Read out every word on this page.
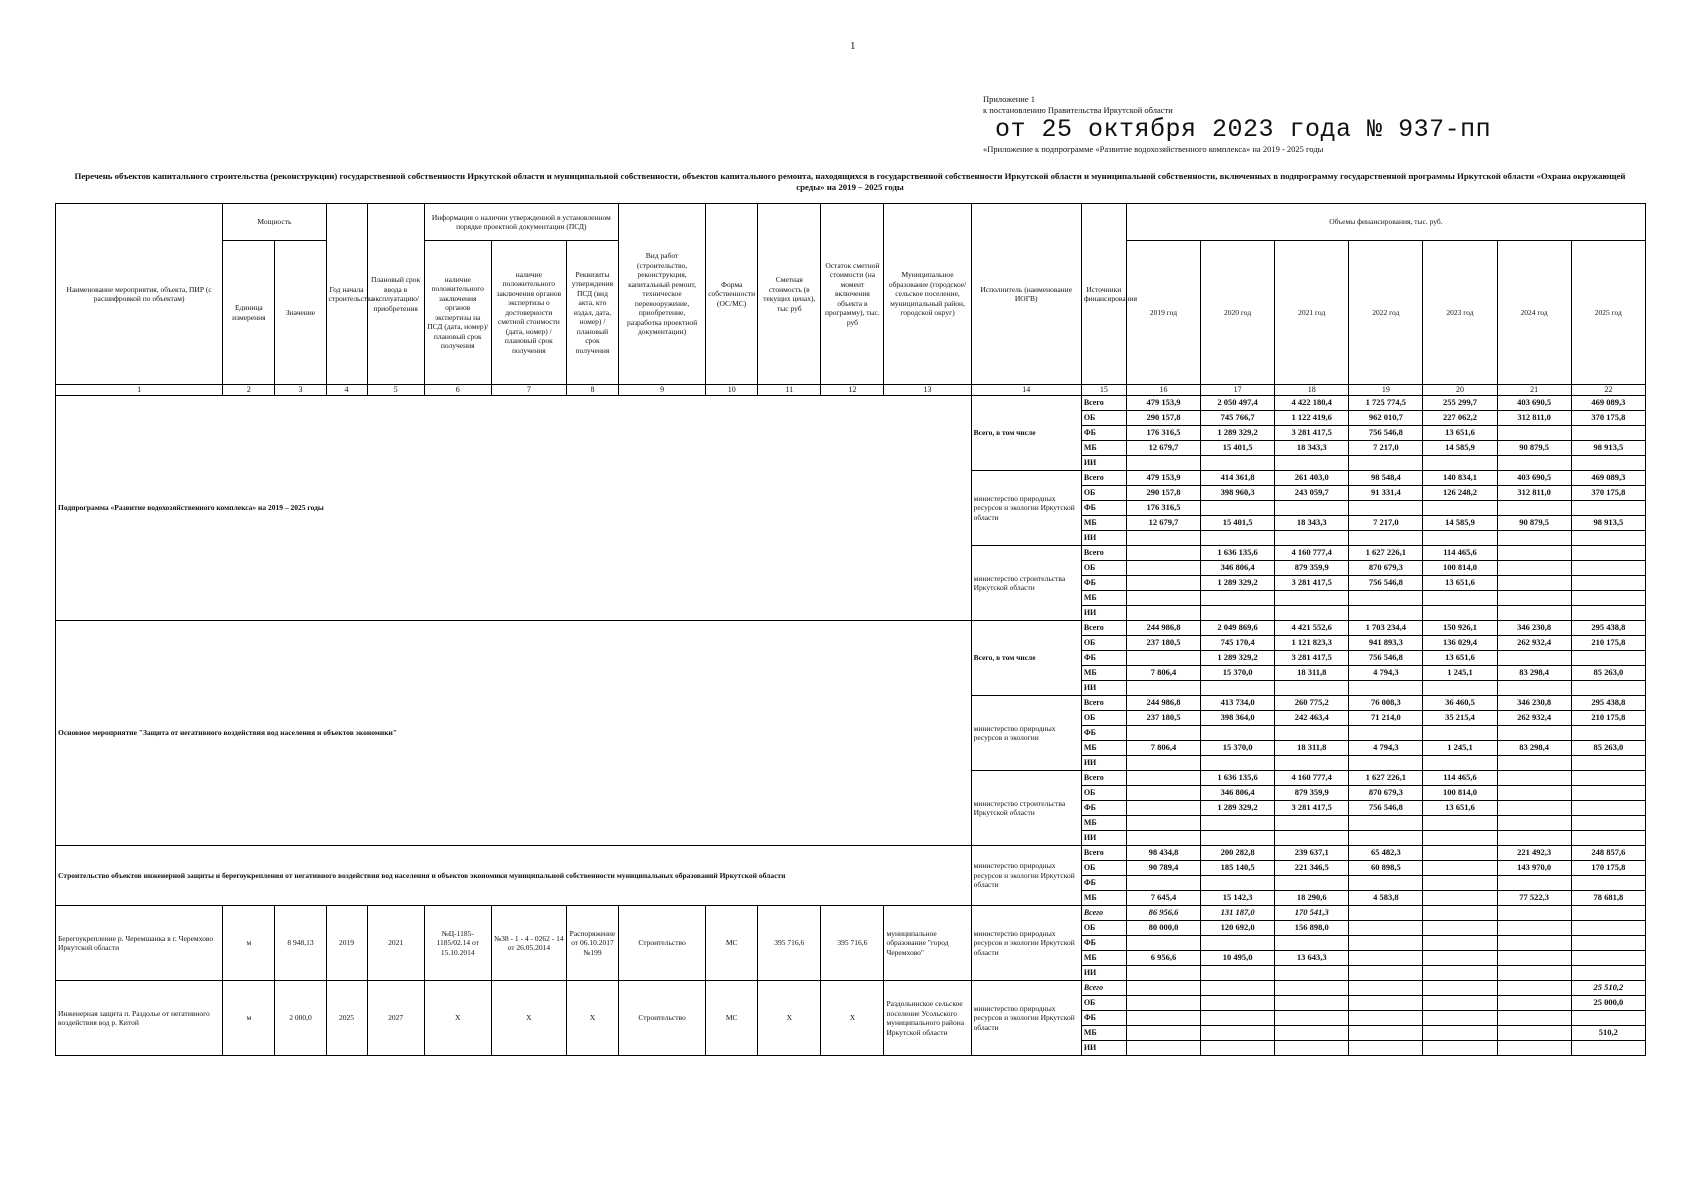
1
Приложение 1
к постановлению Правительства Иркутской области
от 25 октября 2023 года № 937-пп
«Приложение к подпрограмме «Развитие водохозяйственного комплекса» на 2019 - 2025 годы
Перечень объектов капитального строительства (реконструкции) государственной собственности Иркутской области и муниципальной собственности, объектов капитального ремонта, находящихся в государственной собственности Иркутской области и муниципальной собственности, включенных в подпрограмму государственной программы Иркутской области «Охрана окружающей среды» на 2019 – 2025 годы
Наименование мероприятия, объекта, ПИР (с расшифровкой по объектам)	Мощность		Год начала строительства	Плановый срок ввода в эксплуатацию/приобретения	Информация о наличии утвержденной в установленном порядке проектной документации (ПСД)			Вид работ (строительство, реконструкция, капитальный ремонт, техническое перевооружение, приобретение, разработка проектной документации)	Форма собственности (ОС/МС)	Сметная стоимость (в текущих ценах), тыс руб	Остаток сметной стоимости (на момент включения объекта в программу), тыс. руб	Муниципальное образование (городское/сельское поселение, муниципальный район, городской округ)	Исполнитель (наименование ИОГВ)	Источники финансирования	Объемы финансирования, тыс. руб.						
	Единица измерения	Значение			наличие положительного заключения органов экспертизы на ПСД (дата, номер)/плановый срок получения	наличие положительного заключения органов экспертизы о достоверности сметной стоимости (дата, номер) / плановый срок получения	Реквизиты утверждения ПСД (вид акта, кто издал, дата, номер) / плановый срок получения								2019 год	2020 год	2021 год	2022 год	2023 год	2024 год	2025 год
1	2	3	4	5	6	7	8	9	10	11	12	13	14	15	16	17	18	19	20	21	22
Подпрограмма «Развитие водохозяйственного комплекса» на 2019 – 2025 годы													Всего, в том числе	Всего	479 153,9	2 050 497,4	4 422 180,4	1 725 774,5	255 299,7	403 690,5	469 089,3
														ОБ	290 157,8	745 766,7	1 122 419,6	962 010,7	227 062,2	312 811,0	370 175,8
														ФБ	176 316,5	1 289 329,2	3 281 417,5	756 546,8	13 651,6		
														МБ	12 679,7	15 401,5	18 343,3	7 217,0	14 585,9	90 879,5	98 913,5
														ИИ							
													министерство природных ресурсов и экологии Иркутской области	Всего	479 153,9	414 361,8	261 403,0	98 548,4	140 834,1	403 690,5	469 089,3
														ОБ	290 157,8	398 960,3	243 059,7	91 331,4	126 248,2	312 811,0	370 175,8
														ФБ	176 316,5						
														МБ	12 679,7	15 401,5	18 343,3	7 217,0	14 585,9	90 879,5	98 913,5
														ИИ							
													министерство строительства Иркутской области	Всего		1 636 135,6	4 160 777,4	1 627 226,1	114 465,6		
														ОБ		346 806,4	879 359,9	870 679,3	100 814,0		
														ФБ		1 289 329,2	3 281 417,5	756 546,8	13 651,6		
														МБ							
														ИИ							
Основное мероприятие "Защита от негативного воздействия вод населения и объектов экономики"													Всего, в том числе	Всего	244 986,8	2 049 869,6	4 421 552,6	1 703 234,4	150 926,1	346 230,8	295 438,8
														ОБ	237 180,5	745 170,4	1 121 823,3	941 893,3	136 029,4	262 932,4	210 175,8
														ФБ		1 289 329,2	3 281 417,5	756 546,8	13 651,6		
														МБ	7 806,4	15 370,0	18 311,8	4 794,3	1 245,1	83 298,4	85 263,0
														ИИ							
													министерство природных ресурсов и экологии	Всего	244 986,8	413 734,0	260 775,2	76 008,3	36 460,5	346 230,8	295 438,8
														ОБ	237 180,5	398 364,0	242 463,4	71 214,0	35 215,4	262 932,4	210 175,8
														ФБ							
														МБ	7 806,4	15 370,0	18 311,8	4 794,3	1 245,1	83 298,4	85 263,0
														ИИ							
													министерство строительства Иркутской области	Всего		1 636 135,6	4 160 777,4	1 627 226,1	114 465,6		
														ОБ		346 806,4	879 359,9	870 679,3	100 814,0		
														ФБ		1 289 329,2	3 281 417,5	756 546,8	13 651,6		
														МБ							
														ИИ							
Строительство объектов инженерной защиты и берегоукрепления от негативного воздействия вод населения и объектов экономики муниципальной собственности муниципальных образований Иркутской области													министерство природных ресурсов и экологии Иркутской области	Всего	98 434,8	200 282,8	239 637,1	65 482,3		221 492,3	248 857,6
														ОБ	90 789,4	185 140,5	221 346,5	60 898,5		143 970,0	170 175,8
														ФБ							
														МБ	7 645,4	15 142,3	18 290,6	4 583,8		77 522,3	78 681,8
Берегоукрепление р. Черемшанка в г. Черемхово Иркутской области	м	8 948,13	2019	2021	№Ц-1185-1185/02.14 от 15.10.2014	№38 - 1 - 4 - 0262 - 14 от 26.05.2014	Распоряжение от 06.10.2017 №199	Строительство	МС	395 716,6	395 716,6	муниципальное образование "город Черемхово"	министерство природных ресурсов и экологии Иркутской области	Всего	86 956,6	131 187,0	170 541,3				
														ОБ	80 000,0	120 692,0	156 898,0				
														ФБ							
														МБ	6 956,6	10 495,0	13 643,3				
														ИИ							
Инженерная защита п. Раздолье от негативного воздействия вод р. Китой	м	2 000,0	2025	2027	Х	Х	Х	Строительство	МС	Х	Х	Раздольинское сельское поселение Усольского муниципального района Иркутской области	министерство природных ресурсов и экологии Иркутской области	Всего							25 510,2
														ОБ							25 000,0
														ФБ							
														МБ							510,2
														ИИ							
